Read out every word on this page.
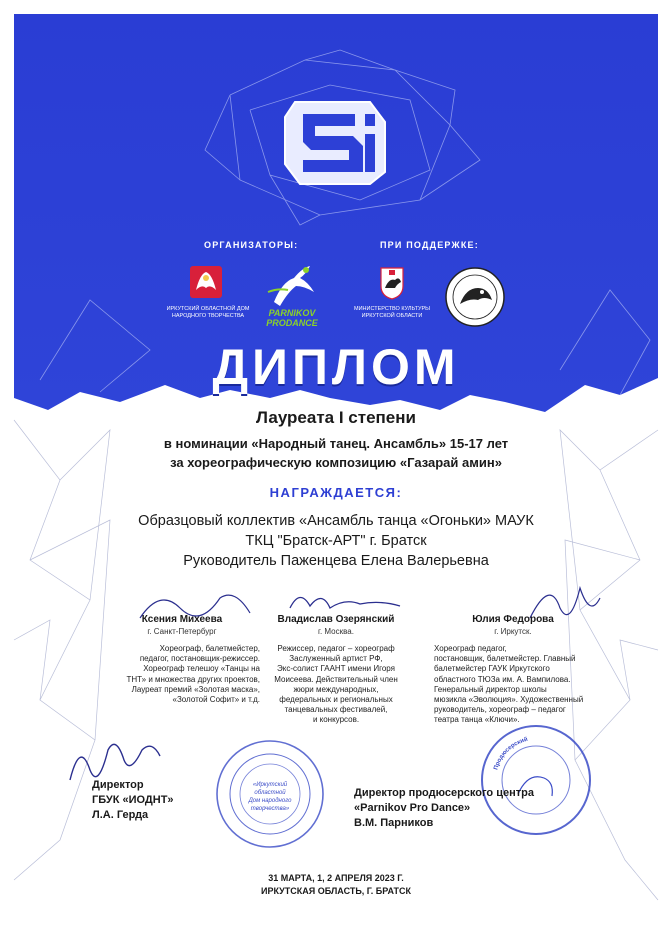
ОРГАНИЗАТОРЫ:	ПРИ ПОДДЕРЖКЕ:
ИРКУТСКИЙ ОБЛАСТНОЙ ДОМ НАРОДНОГО ТВОРЧЕСТВА	PARNIKOV PRODANCE
МИНИСТЕРСТВО КУЛЬТУРЫ ИРКУТСКОЙ ОБЛАСТИ
ДИПЛОМ
Лауреата I степени
в номинации «Народный танец. Ансамбль» 15-17 лет
за хореографическую композицию «Газарай амин»
НАГРАЖДАЕТСЯ:
Образцовый коллектив «Ансамбль танца «Огоньки» МАУК
ТКЦ "Братск-АРТ" г. Братск
Руководитель Паженцева Елена Валерьевна
Ксения Михеева
г. Санкт-Петербург
Хореограф, балетмейстер,
педагог, постановщик-режиссер.
Хореограф телешоу «Танцы на
ТНТ» и множества других проектов,
Лауреат премий «Золотая маска»,
«Золотой Софит» и т.д.
Владислав Озерянский
г. Москва.
Режиссер, педагог – хореограф
Заслуженный артист РФ,
Экс-солист ГААНТ имени Игоря
Моисеева. Действительный член
жюри международных,
федеральных и региональных
танцевальных фестивалей,
и конкурсов.
Юлия Федорова
г. Иркутск.
Хореограф педагог,
постановщик, балетмейстер. Главный
балетмейстер ГАУК Иркутского
областного ТЮЗа им. А. Вампилова.
Генеральный директор школы
мюзикла «Эволюция». Художественный
руководитель, хореограф – педагог
театра танца «Ключи».
«Иркутский
областной
Дом народного
творчества»
Продюсерский
Директор
ГБУК «ИОДНТ»
Л.А. Герда
Директор продюсерского центра
«Parnikov Pro Dance»
В.М. Парников
31 МАРТА, 1, 2 АПРЕЛЯ 2023 Г.
ИРКУТСКАЯ ОБЛАСТЬ, Г. БРАТСК
